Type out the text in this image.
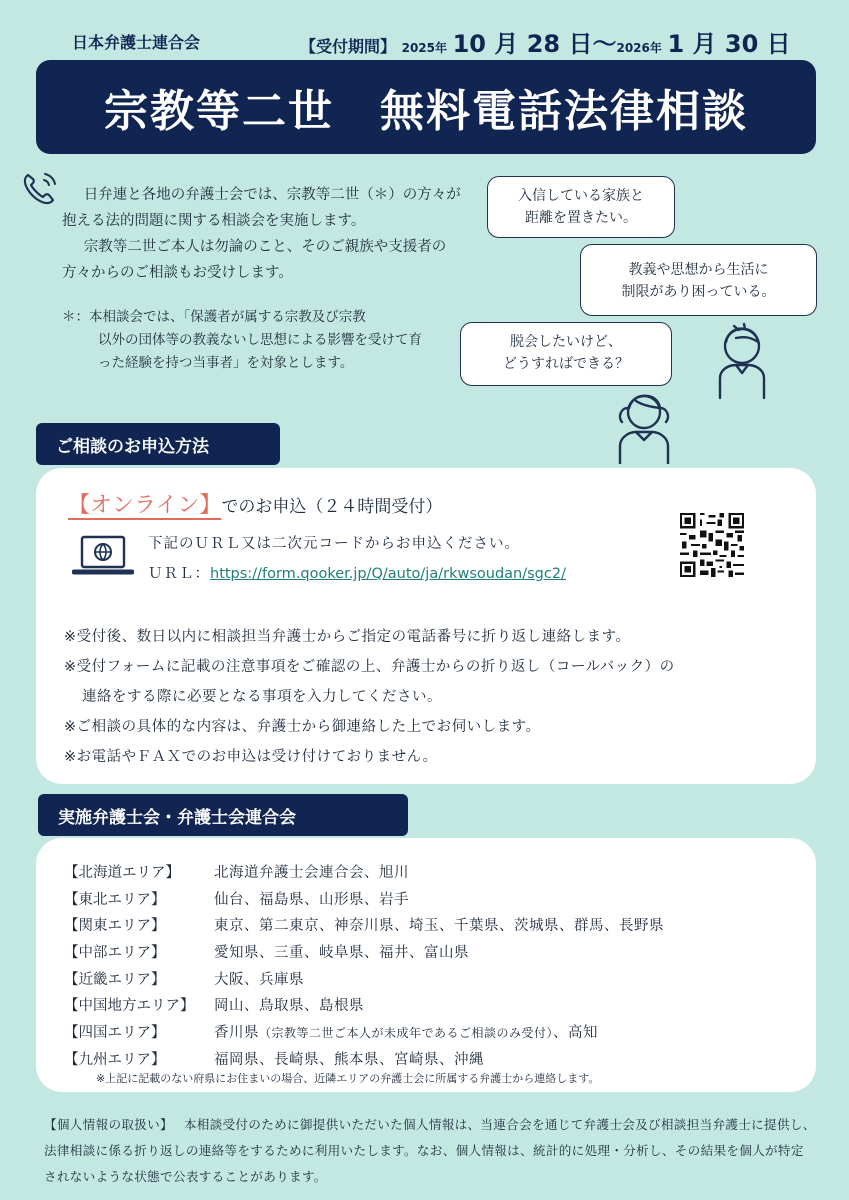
日本弁護士連合会	【受付期間】 2025年 10 月 28 日～2026年 1 月 30 日
宗教等二世　無料電話法律相談

日弁連と各地の弁護士会では、宗教等二世（＊）の方々が抱える法的問題に関する相談会を実施します。

宗教等二世ご本人は勿論のこと、そのご親族や支援者の方々からのご相談もお受けします。

＊：本相談会では、「保護者が属する宗教及び宗教
以外の団体等の教義ないし思想による影響を受けて育った経験を持つ当事者」を対象とします。
入信している家族と
距離を置きたい。
教義や思想から生活に
制限があり困っている。
脱会したいけど、
どうすればできる？
ご相談のお申込方法
【オンライン】でのお申込（２４時間受付）
下記のＵＲＬ又は二次元コードからお申込ください。
ＵＲＬ：https://form.qooker.jp/Q/auto/ja/rkwsoudan/sgc2/
※受付後、数日以内に相談担当弁護士からご指定の電話番号に折り返し連絡します。
※受付フォームに記載の注意事項をご確認の上、弁護士からの折り返し（コールバック）の
連絡をする際に必要となる事項を入力してください。
※ご相談の具体的な内容は、弁護士から御連絡した上でお伺いします。
※お電話やＦＡＸでのお申込は受け付けておりません。
実施弁護士会・弁護士会連合会
【北海道エリア】	北海道弁護士会連合会、旭川
【東北エリア】	仙台、福島県、山形県、岩手
【関東エリア】	東京、第二東京、神奈川県、埼玉、千葉県、茨城県、群馬、長野県
【中部エリア】	愛知県、三重、岐阜県、福井、富山県
【近畿エリア】	大阪、兵庫県
【中国地方エリア】	岡山、鳥取県、島根県
【四国エリア】	香川県（宗教等二世ご本人が未成年であるご相談のみ受付）、高知
【九州エリア】	福岡県、長崎県、熊本県、宮崎県、沖縄
※上記に記載のない府県にお住まいの場合、近隣エリアの弁護士会に所属する弁護士から連絡します。
【個人情報の取扱い】　 本相談受付のために御提供いただいた個人情報は、当連合会を通じて弁護士会及び相談担当弁護士に提供し、法律相談に係る折り返しの連絡等をするために利用いたします。なお、個人情報は、統計的に処理・分析し、その結果を個人が特定されないような状態で公表することがあります。
